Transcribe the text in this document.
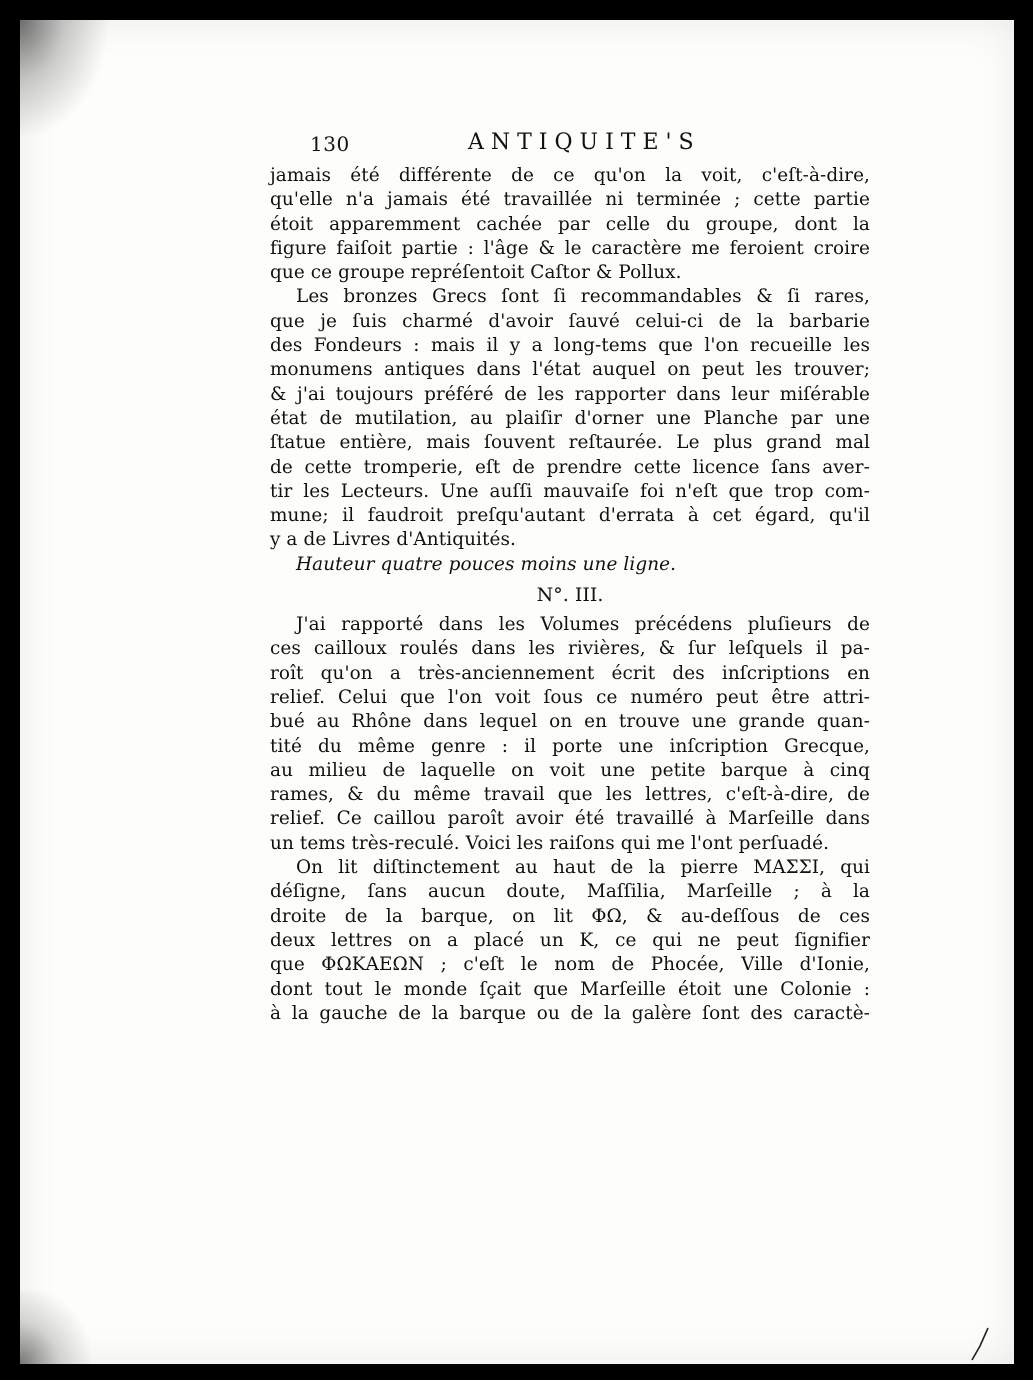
130	ANTIQUITE'S
jamais été différente de ce qu'on la voit, c'eſt-à-dire,
qu'elle n'a jamais été travaillée ni terminée ; cette partie
étoit apparemment cachée par celle du groupe, dont la
figure faiſoit partie : l'âge & le caractère me feroient croire
que ce groupe repréſentoit Caſtor & Pollux.
Les bronzes Grecs ſont ſi recommandables & ſi rares,
que je ſuis charmé d'avoir ſauvé celui-ci de la barbarie
des Fondeurs : mais il y a long-tems que l'on recueille les
monumens antiques dans l'état auquel on peut les trouver;
& j'ai toujours préféré de les rapporter dans leur miſérable
état de mutilation, au plaiſir d'orner une Planche par une
ſtatue entière, mais ſouvent reſtaurée. Le plus grand mal
de cette tromperie, eſt de prendre cette licence ſans aver-
tir les Lecteurs. Une auſſi mauvaiſe foi n'eſt que trop com-
mune; il faudroit preſqu'autant d'errata à cet égard, qu'il
y a de Livres d'Antiquités.
Hauteur quatre pouces moins une ligne.
N°. III.
J'ai rapporté dans les Volumes précédens pluſieurs de
ces cailloux roulés dans les rivières, & ſur leſquels il pa-
roît qu'on a très-anciennement écrit des inſcriptions en
relief. Celui que l'on voit ſous ce numéro peut être attri-
bué au Rhône dans lequel on en trouve une grande quan-
tité du même genre : il porte une inſcription Grecque,
au milieu de laquelle on voit une petite barque à cinq
rames, & du même travail que les lettres, c'eſt-à-dire, de
relief. Ce caillou paroît avoir été travaillé à Marſeille dans
un tems très-reculé. Voici les raiſons qui me l'ont perſuadé.
On lit diſtinctement au haut de la pierre ΜΑΣΣΙ, qui
déſigne, ſans aucun doute, Maſſilia, Marſeille ; à la
droite de la barque, on lit ΦΩ, & au-deſſous de ces
deux lettres on a placé un Κ, ce qui ne peut ſignifier
que ΦΩΚΑΕΩΝ ; c'eſt le nom de Phocée, Ville d'Ionie,
dont tout le monde ſçait que Marſeille étoit une Colonie :
à la gauche de la barque ou de la galère ſont des caractè-
